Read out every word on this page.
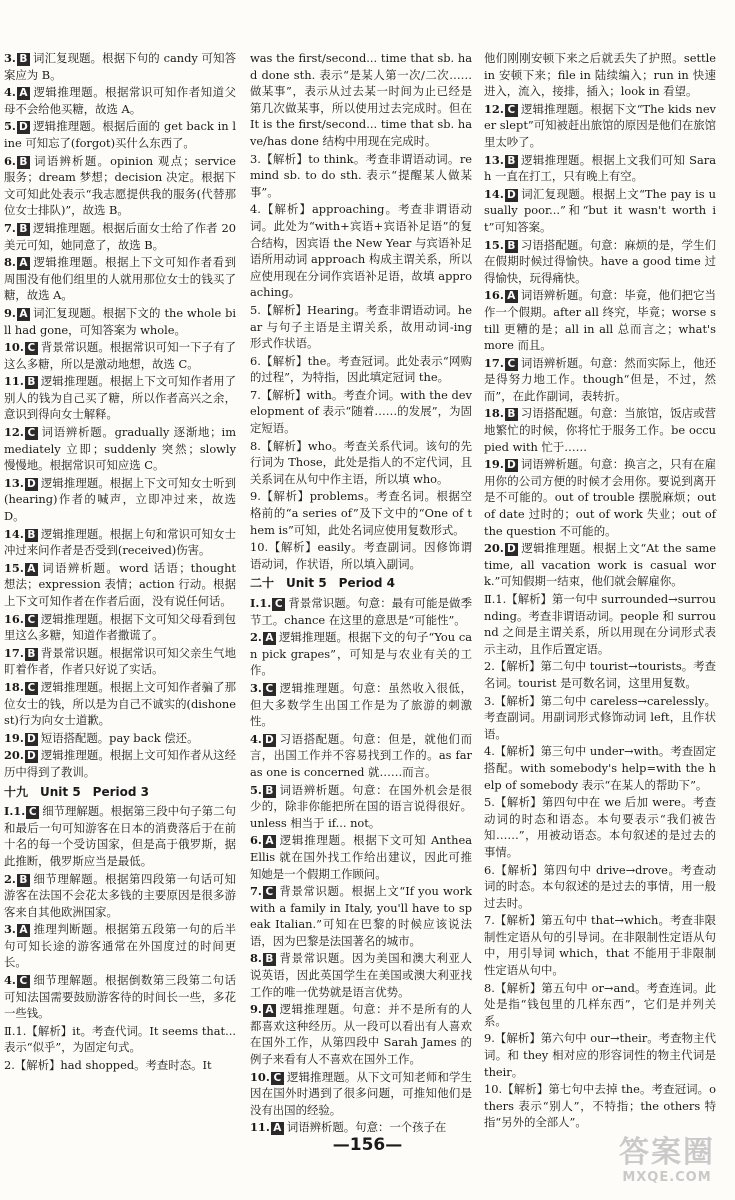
3. B 词汇复现题。根据下句的 candy 可知答案应为 B。

4. A 逻辑推理题。根据常识可知作者知道父母不会给他买糖，故选 A。

5. D 逻辑推理题。根据后面的 get back in line 可知忘了(forgot)买什么东西了。

6. B 词语辨析题。opinion 观点；service 服务；dream 梦想；decision 决定。根据下文可知此处表示“我志愿提供我的服务(代替那位女士排队)”，故选 B。

7. B 逻辑推理题。根据后面女士给了作者 20 美元可知，她同意了，故选 B。

8. A 逻辑推理题。根据上下文可知作者看到周围没有他们组里的人就用那位女士的钱买了糖，故选 A。

9. A 词汇复现题。根据下文的 the whole bill had gone，可知答案为 whole。

10. C 背景常识题。根据常识可知一下子有了这么多糖，所以是激动地想，故选 C。

11. B 逻辑推理题。根据上下文可知作者用了别人的钱为自己买了糖，所以作者高兴之余，意识到得向女士解释。

12. C 词语辨析题。gradually 逐渐地；immediately 立即；suddenly 突然；slowly 慢慢地。根据常识可知应选 C。

13. D 逻辑推理题。根据上下文可知女士听到(hearing)作者的喊声，立即冲过来，故选 D。

14. B 逻辑推理题。根据上句和常识可知女士冲过来问作者是否受到(received)伤害。

15. A 词语辨析题。word 话语；thought 想法；expression 表情；action 行动。根据上下文可知作者在作者后面，没有说任何话。

16. C 逻辑推理题。根据下文可知父母看到包里这么多糖，知道作者撒谎了。

17. B 背景常识题。根据常识可知父亲生气地盯着作者，作者只好说了实话。

18. C 逻辑推理题。根据上文可知作者骗了那位女士的钱，所以是为自己不诚实的(dishonest)行为向女士道歉。

19. D 短语搭配题。pay back 偿还。

20. D 逻辑推理题。根据上文可知作者从这经历中得到了教训。

十九　Unit 5　Period 3

Ⅰ.1. C 细节理解题。根据第三段中句子第二句和最后一句可知游客在日本的消费落后于在前十名的每一个受访国家，但是高于俄罗斯，据此推断，俄罗斯应当是最低。

2. B 细节理解题。根据第四段第一句话可知游客在法国不会花太多钱的主要原因是很多游客来自其他欧洲国家。

3. A 推理判断题。根据第五段第一句的后半句可知长途的游客通常在外国度过的时间更长。

4. C 细节理解题。根据倒数第三段第二句话可知法国需要鼓励游客待的时间长一些，多花一些钱。

Ⅱ.1.【解析】it。考查代词。It seems that...表示“似乎”，为固定句式。

2.【解析】had shopped。考查时态。It

was the first/second... time that sb. had done sth. 表示“是某人第一次/二次……做某事”，表示从过去某一时间为止已经是第几次做某事，所以使用过去完成时。但在 It is the first/second... time that sb. have/has done 结构中用现在完成时。

3.【解析】to think。考查非谓语动词。remind sb. to do sth. 表示“提醒某人做某事”。

4.【解析】approaching。考查非谓语动词。此处为“with+宾语+宾语补足语”的复合结构，因宾语 the New Year 与宾语补足语所用动词 approach 构成主谓关系，所以应使用现在分词作宾语补足语，故填 approaching。

5.【解析】Hearing。考查非谓语动词。hear 与句子主语是主谓关系，故用动词-ing 形式作状语。

6.【解析】the。考查冠词。此处表示“网购的过程”，为特指，因此填定冠词 the。

7.【解析】with。考查介词。with the development of 表示“随着……的发展”，为固定短语。

8.【解析】who。考查关系代词。该句的先行词为 Those，此处是指人的不定代词，且关系词在从句中作主语，所以填 who。

9.【解析】problems。考查名词。根据空格前的“a series of”及下文中的“One of them is”可知，此处名词应使用复数形式。

10.【解析】easily。考查副词。因修饰谓语动词，作状语，所以填入副词。

二十　Unit 5　Period 4

Ⅰ.1. C 背景常识题。句意：最有可能是做季节工。chance 在这里的意思是“可能性”。

2. A 逻辑推理题。根据下文的句子“You can pick grapes”，可知是与农业有关的工作。

3. C 逻辑推理题。句意：虽然收入很低，但大多数学生出国工作是为了旅游的刺激性。

4. D 习语搭配题。句意：但是，就他们而言，出国工作并不容易找到工作的。as far as one is concerned 就……而言。

5. B 词语辨析题。句意：在国外机会是很少的，除非你能把所在国的语言说得很好。unless 相当于 if... not。

6. A 逻辑推理题。根据下文可知 Anthea Ellis 就在国外找工作给出建议，因此可推知她是一个假期工作顾问。

7. C 背景常识题。根据上文“If you work with a family in Italy, you'll have to speak Italian.”可知在巴黎的时候应该说法语，因为巴黎是法国著名的城市。

8. B 背景常识题。因为美国和澳大利亚人说英语，因此英国学生在美国或澳大利亚找工作的唯一优势就是语言优势。

9. A 逻辑推理题。句意：并不是所有的人都喜欢这种经历。从一段可以看出有人喜欢在国外工作，从第四段中 Sarah James 的例子来看有人不喜欢在国外工作。

10. C 逻辑推理题。从下文可知老师和学生因在国外时遇到了很多问题，可推知他们是没有出国的经验。

11. A 词语辨析题。句意：一个孩子在

他们刚刚安顿下来之后就丢失了护照。settle in 安顿下来；file in 陆续编入；run in 快速进入，流入，接排，插入；look in 看望。

12. C 逻辑推理题。根据下文“The kids never slept”可知被赶出旅馆的原因是他们在旅馆里太吵了。

13. B 逻辑推理题。根据上文我们可知 Sarah 一直在打工，只有晚上有空。

14. D 词汇复现题。根据上文“The pay is usually poor...”和“but it wasn't worth it”可知答案。

15. B 习语搭配题。句意：麻烦的是，学生们在假期时候过得愉快。have a good time 过得愉快，玩得痛快。

16. A 词语辨析题。句意：毕竟，他们把它当作一个假期。after all 终究，毕竟；worse still 更糟的是；all in all 总而言之；what's more 而且。

17. C 词语辨析题。句意：然而实际上，他还是得努力地工作。though“但是，不过，然而”，在此作副词，表转折。

18. B 习语搭配题。句意：当旅馆，饭店或营地繁忙的时候，你将忙于服务工作。be occupied with 忙于……

19. D 词语辨析题。句意：换言之，只有在雇用你的公司方便的时候才会用你。要说到离开是不可能的。out of trouble 摆脱麻烦；out of date 过时的；out of work 失业；out of the question 不可能的。

20. D 逻辑推理题。根据上文“At the same time, all vacation work is casual work.”可知假期一结束，他们就会解雇你。

Ⅱ.1.【解析】第一句中 surrounded→surrounding。考查非谓语动词。people 和 surround 之间是主谓关系，所以用现在分词形式表示主动，且作后置定语。

2.【解析】第二句中 tourist→tourists。考查名词。tourist 是可数名词，这里用复数。

3.【解析】第二句中 careless→carelessly。考查副词。用副词形式修饰动词 left，且作状语。

4.【解析】第三句中 under→with。考查固定搭配。with somebody's help=with the help of somebody 表示“在某人的帮助下”。

5.【解析】第四句中在 we 后加 were。考查动词的时态和语态。本句要表示“我们被告知……”，用被动语态。本句叙述的是过去的事情。

6.【解析】第四句中 drive→drove。考查动词的时态。本句叙述的是过去的事情，用一般过去时。

7.【解析】第五句中 that→which。考查非限制性定语从句的引导词。在非限制性定语从句中，用引导词 which，that 不能用于非限制性定语从句中。

8.【解析】第五句中 or→and。考查连词。此处是指“钱包里的几样东西”，它们是并列关系。

9.【解析】第六句中 our→their。考查物主代词。和 they 相对应的形容词性的物主代词是 their。

10.【解析】第七句中去掉 the。考查冠词。others 表示“别人”，不特指；the others 特指“另外的全部人”。

—156—	答案圈
MXQE.COM
